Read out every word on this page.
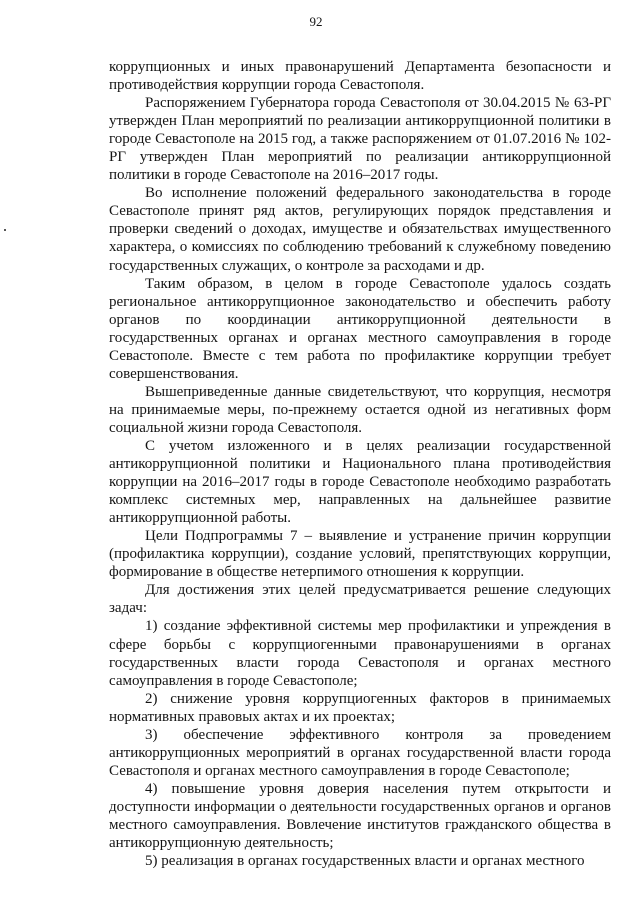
92

коррупционных и иных правонарушений Департамента безопасности и противодействия коррупции города Севастополя.

Распоряжением Губернатора города Севастополя от 30.04.2015 № 63-РГ утвержден План мероприятий по реализации антикоррупционной политики в городе Севастополе на 2015 год, а также распоряжением от 01.07.2016 № 102-РГ утвержден План мероприятий по реализации антикоррупционной политики в городе Севастополе на 2016–2017 годы.

Во исполнение положений федерального законодательства в городе Севастополе принят ряд актов, регулирующих порядок представления и проверки сведений о доходах, имуществе и обязательствах имущественного характера, о комиссиях по соблюдению требований к служебному поведению государственных служащих, о контроле за расходами и др.

Таким образом, в целом в городе Севастополе удалось создать региональное антикоррупционное законодательство и обеспечить работу органов по координации антикоррупционной деятельности в государственных органах и органах местного самоуправления в городе Севастополе. Вместе с тем работа по профилактике коррупции требует совершенствования.

Вышеприведенные данные свидетельствуют, что коррупция, несмотря на принимаемые меры, по-прежнему остается одной из негативных форм социальной жизни города Севастополя.

С учетом изложенного и в целях реализации государственной антикоррупционной политики и Национального плана противодействия коррупции на 2016–2017 годы в городе Севастополе необходимо разработать комплекс системных мер, направленных на дальнейшее развитие антикоррупционной работы.

Цели Подпрограммы 7 – выявление и устранение причин коррупции (профилактика коррупции), создание условий, препятствующих коррупции, формирование в обществе нетерпимого отношения к коррупции.

Для достижения этих целей предусматривается решение следующих задач:

1) создание эффективной системы мер профилактики и упреждения в сфере борьбы с коррупциогенными правонарушениями в органах государственных власти города Севастополя и органах местного самоуправления в городе Севастополе;

2) снижение уровня коррупциогенных факторов в принимаемых нормативных правовых актах и их проектах;

3) обеспечение эффективного контроля за проведением антикоррупционных мероприятий в органах государственной власти города Севастополя и органах местного самоуправления в городе Севастополе;

4) повышение уровня доверия населения путем открытости и доступности информации о деятельности государственных органов и органов местного самоуправления. Вовлечение институтов гражданского общества в антикоррупционную деятельность;

5) реализация в органах государственных власти и органах местного
